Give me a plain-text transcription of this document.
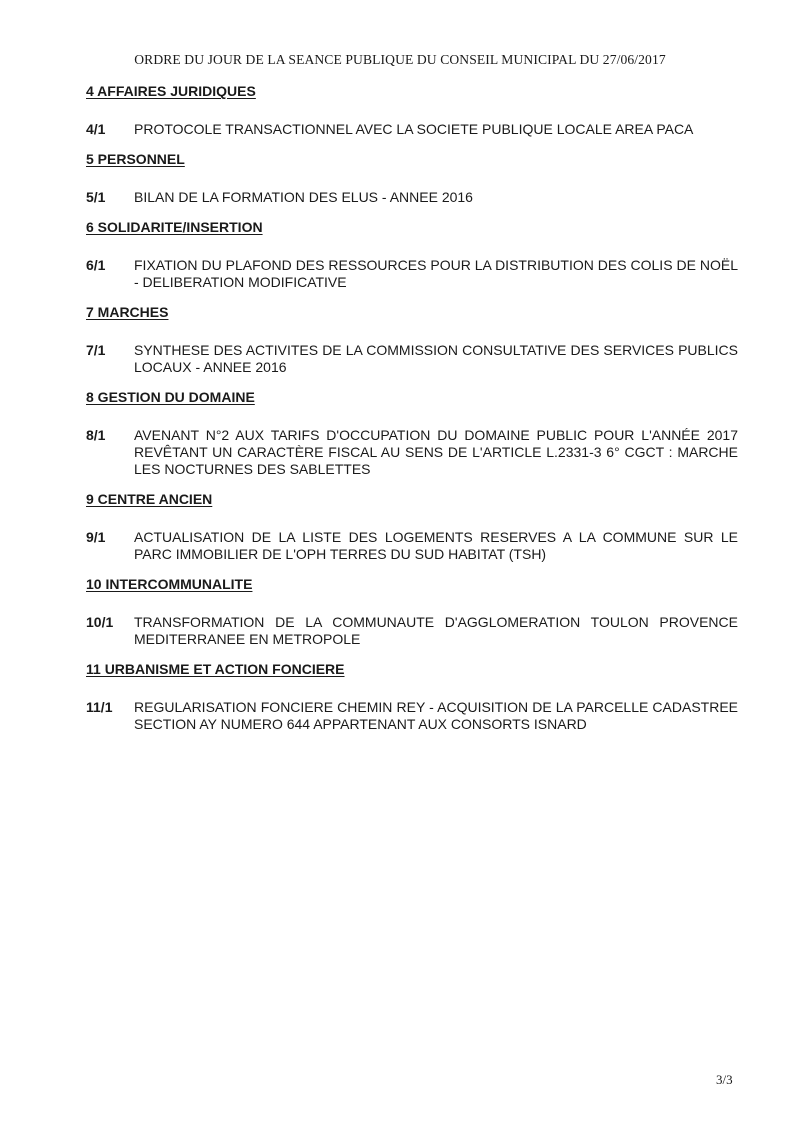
ORDRE DU JOUR DE LA SEANCE PUBLIQUE DU CONSEIL MUNICIPAL DU 27/06/2017
4 AFFAIRES JURIDIQUES
4/1	PROTOCOLE TRANSACTIONNEL AVEC LA SOCIETE PUBLIQUE LOCALE AREA PACA
5 PERSONNEL
5/1	BILAN DE LA FORMATION DES ELUS - ANNEE 2016
6 SOLIDARITE/INSERTION
6/1	FIXATION DU PLAFOND DES RESSOURCES POUR LA DISTRIBUTION DES COLIS DE NOËL - DELIBERATION MODIFICATIVE
7 MARCHES
7/1	SYNTHESE DES ACTIVITES DE LA COMMISSION CONSULTATIVE DES SERVICES PUBLICS LOCAUX - ANNEE 2016
8 GESTION DU DOMAINE
8/1	AVENANT N°2 AUX TARIFS D'OCCUPATION DU DOMAINE PUBLIC POUR L'ANNÉE 2017 REVÊTANT UN CARACTÈRE FISCAL AU SENS DE L'ARTICLE L.2331-3 6° CGCT : MARCHE LES NOCTURNES DES SABLETTES
9 CENTRE ANCIEN
9/1	ACTUALISATION DE LA LISTE DES LOGEMENTS RESERVES A LA COMMUNE SUR LE PARC IMMOBILIER DE L'OPH TERRES DU SUD HABITAT (TSH)
10 INTERCOMMUNALITE
10/1	TRANSFORMATION DE LA COMMUNAUTE D'AGGLOMERATION TOULON PROVENCE MEDITERRANEE EN METROPOLE
11 URBANISME ET ACTION FONCIERE
11/1	REGULARISATION FONCIERE CHEMIN REY - ACQUISITION DE LA PARCELLE CADASTREE SECTION AY NUMERO 644 APPARTENANT AUX CONSORTS ISNARD
3/3
